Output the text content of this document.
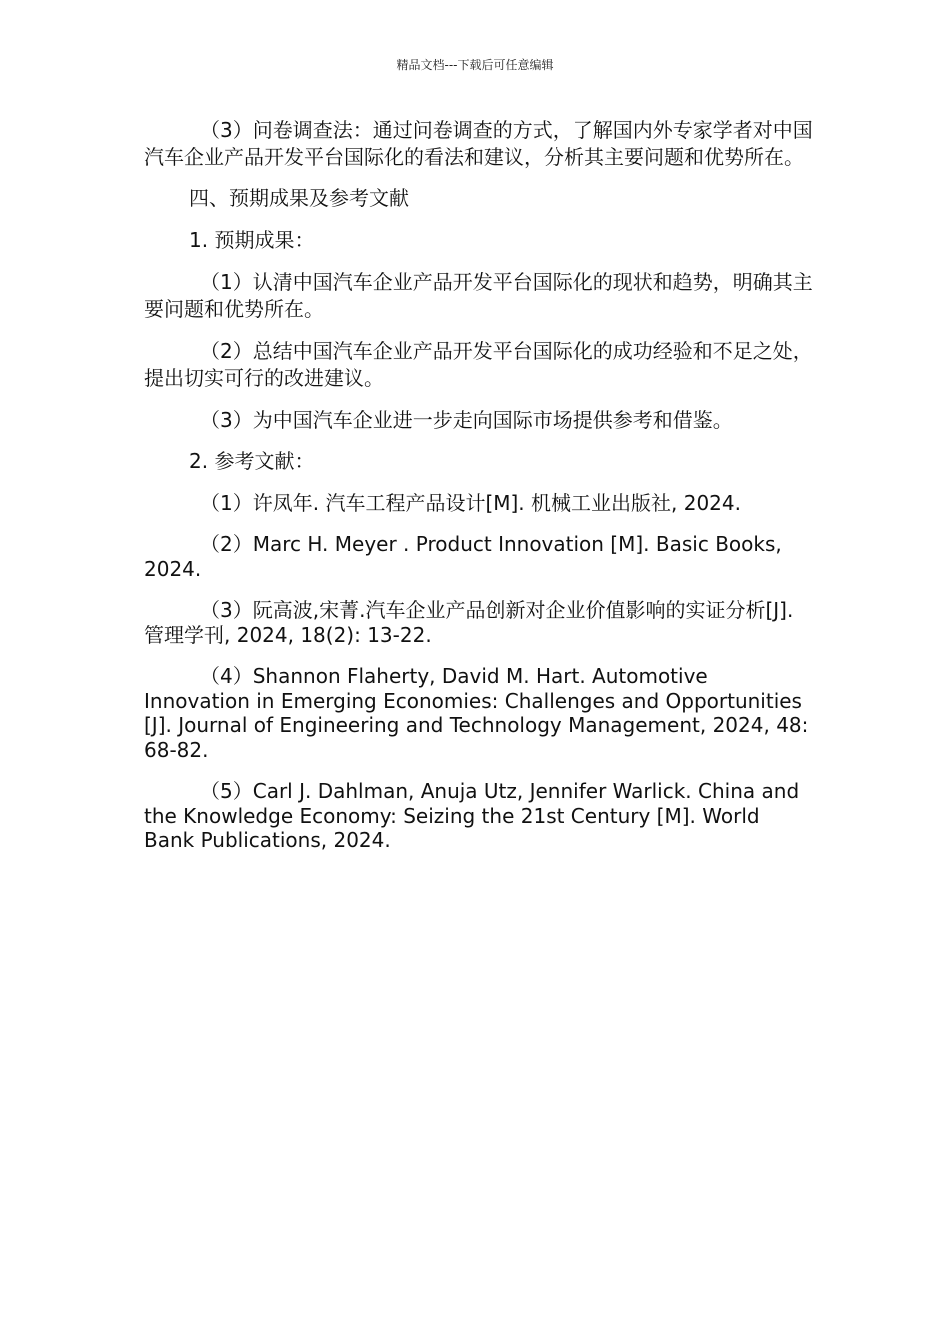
精品文档---下载后可任意编辑

（3）问卷调查法：通过问卷调查的方式，了解国内外专家学者对中国汽车企业产品开发平台国际化的看法和建议，分析其主要问题和优势所在。

四、预期成果及参考文献

1. 预期成果：

（1）认清中国汽车企业产品开发平台国际化的现状和趋势，明确其主要问题和优势所在。

（2）总结中国汽车企业产品开发平台国际化的成功经验和不足之处，提出切实可行的改进建议。

（3）为中国汽车企业进一步走向国际市场提供参考和借鉴。

2. 参考文献：

（1）许凤年. 汽车工程产品设计[M]. 机械工业出版社, 2024.

（2）Marc H. Meyer . Product Innovation [M]. Basic Books, 2024.

（3）阮高波,宋菁.汽车企业产品创新对企业价值影响的实证分析[J]. 管理学刊, 2024, 18(2): 13-22.

（4）Shannon Flaherty, David M. Hart. Automotive Innovation in Emerging Economies: Challenges and Opportunities [J]. Journal of Engineering and Technology Management, 2024, 48: 68-82.

（5）Carl J. Dahlman, Anuja Utz, Jennifer Warlick. China and the Knowledge Economy: Seizing the 21st Century [M]. World Bank Publications, 2024.
